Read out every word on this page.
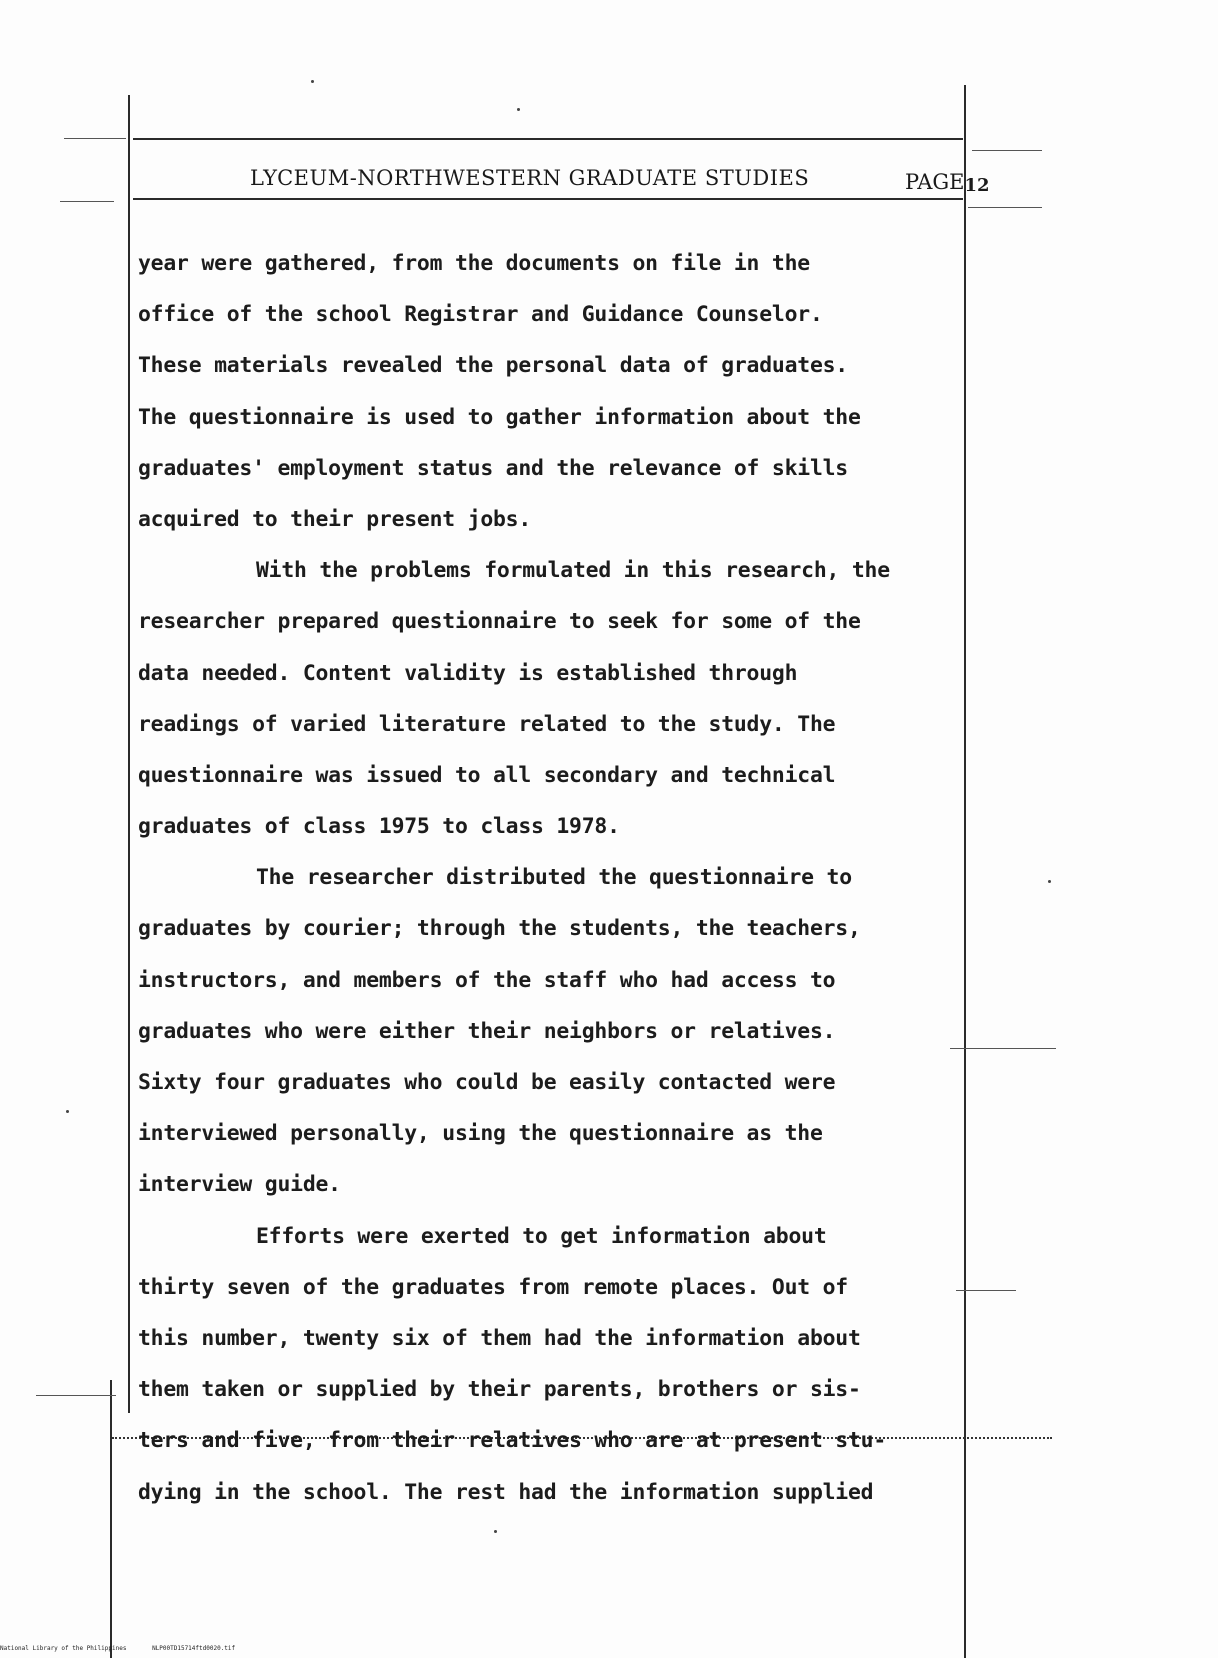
LYCEUM-NORTHWESTERN GRADUATE STUDIES	PAGE12
year were gathered, from the documents on file in the
office of the school Registrar and Guidance Counselor.
These materials revealed the personal data of graduates.
The questionnaire is used to gather information about the
graduates' employment status and the relevance of skills
acquired to their present jobs.
With the problems formulated in this research, the
researcher prepared questionnaire to seek for some of the
data needed. Content validity is established through
readings of varied literature related to the study. The
questionnaire was issued to all secondary and technical
graduates of class 1975 to class 1978.
The researcher distributed the questionnaire to
graduates by courier; through the students, the teachers,
instructors, and members of the staff who had access to
graduates who were either their neighbors or relatives.
Sixty four graduates who could be easily contacted were
interviewed personally, using the questionnaire as the
interview guide.
Efforts were exerted to get information about
thirty seven of the graduates from remote places. Out of
this number, twenty six of them had the information about
them taken or supplied by their parents, brothers or sis-
ters and five, from their relatives who are at present stu-
dying in the school. The rest had the information supplied
National Library of the Philippines	NLP00TD15714ftd0020.tif
